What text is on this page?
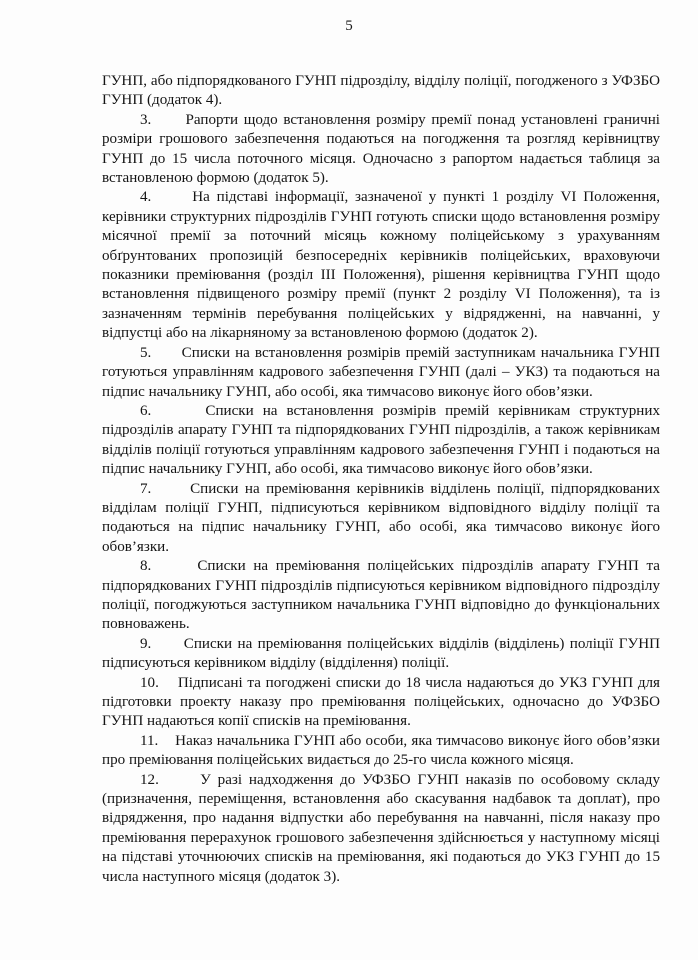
5

ГУНП, або підпорядкованого ГУНП підрозділу, відділу поліції, погодженого з УФЗБО ГУНП (додаток 4).

3.      Рапорти щодо встановлення розміру премії понад установлені граничні розміри грошового забезпечення подаються на погодження та розгляд керівництву ГУНП до 15 числа поточного місяця. Одночасно з рапортом надається таблиця за встановленою формою (додаток 5).

4.      На підставі інформації, зазначеної у пункті 1 розділу VI Положення, керівники структурних підрозділів ГУНП готують списки щодо встановлення розміру місячної премії за поточний місяць кожному поліцейському з урахуванням обґрунтованих пропозицій безпосередніх керівників поліцейських, враховуючи показники преміювання (розділ III Положення), рішення керівництва ГУНП щодо встановлення підвищеного розміру премії (пункт 2 розділу VI Положення), та із зазначенням термінів перебування поліцейських у відрядженні, на навчанні, у відпустці або на лікарняному за встановленою формою (додаток 2).

5.      Списки на встановлення розмірів премій заступникам начальника ГУНП готуються управлінням кадрового забезпечення ГУНП (далі – УКЗ) та подаються на підпис начальнику ГУНП, або особі, яка тимчасово виконує його обов’язки.

6.      Списки на встановлення розмірів премій керівникам структурних підрозділів апарату ГУНП та підпорядкованих ГУНП підрозділів, а також керівникам відділів поліції готуються управлінням кадрового забезпечення ГУНП і подаються на підпис начальнику ГУНП, або особі, яка тимчасово виконує його обов’язки.

7.      Списки на преміювання керівників відділень поліції, підпорядкованих відділам поліції ГУНП, підписуються керівником відповідного відділу поліції та подаються на підпис начальнику ГУНП, або особі, яка тимчасово виконує його обов’язки.

8.      Списки на преміювання поліцейських підрозділів апарату ГУНП та підпорядкованих ГУНП підрозділів підписуються керівником відповідного підрозділу поліції, погоджуються заступником начальника ГУНП відповідно до функціональних повноважень.

9.      Списки на преміювання поліцейських відділів (відділень) поліції ГУНП підписуються керівником відділу (відділення) поліції.

10.    Підписані та погоджені списки до 18 числа надаються до УКЗ ГУНП для підготовки проекту наказу про преміювання поліцейських, одночасно до УФЗБО ГУНП надаються копії списків на преміювання.

11.    Наказ начальника ГУНП або особи, яка тимчасово виконує його обов’язки про преміювання поліцейських видається до 25-го числа кожного місяця.

12.      У разі надходження до УФЗБО ГУНП наказів по особовому складу (призначення, переміщення, встановлення або скасування надбавок та доплат), про відрядження, про надання відпустки або перебування на навчанні, після наказу про преміювання перерахунок грошового забезпечення здійснюється у наступному місяці на підставі уточнюючих списків на преміювання, які подаються до УКЗ ГУНП до 15 числа наступного місяця (додаток 3).
